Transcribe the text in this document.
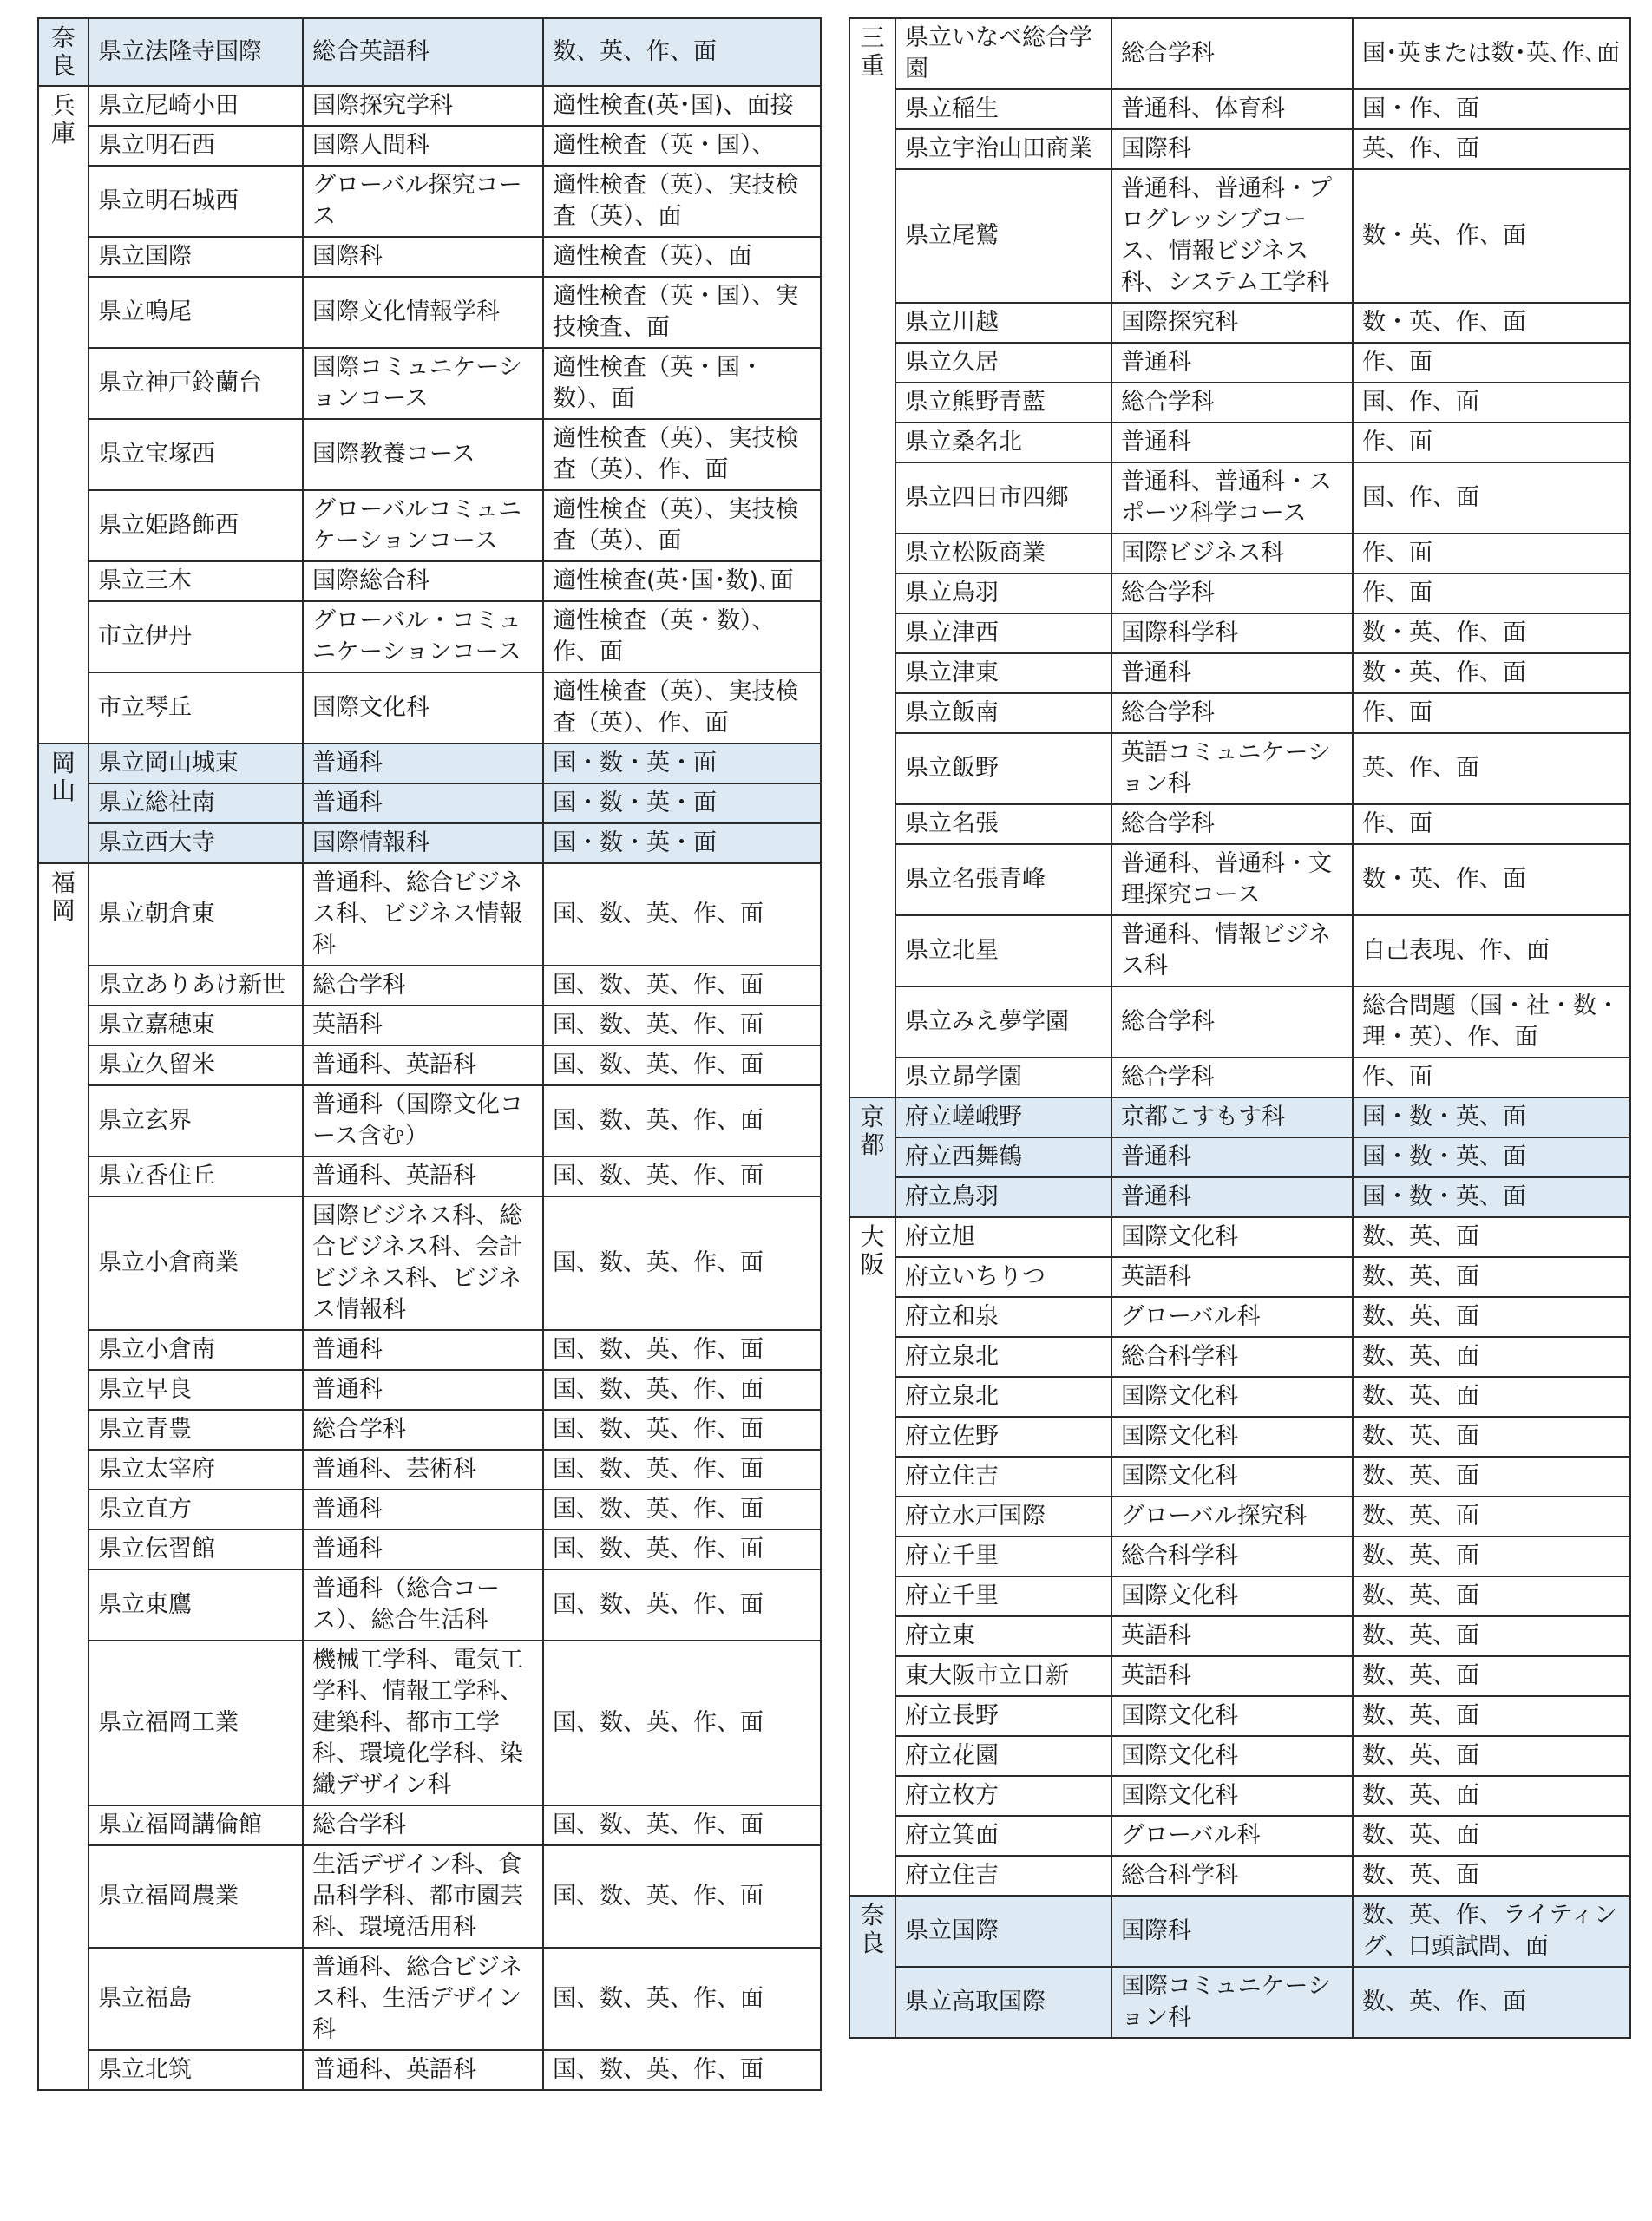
奈
良	県立法隆寺国際	総合英語科	数、英、作、面
兵
庫	県立尼崎小田	国際探究学科	適性検査(英･国)、面接
	県立明石西	国際人間科	適性検査（英・国）、
	県立明石城西	グローバル探究コース	適性検査（英）、実技検査（英）、面
	県立国際	国際科	適性検査（英）、面
	県立鳴尾	国際文化情報学科	適性検査（英・国）、実技検査、面
	県立神戸鈴蘭台	国際コミュニケーションコース	適性検査（英・国・数）、面
	県立宝塚西	国際教養コース	適性検査（英）、実技検査（英）、作、面
	県立姫路飾西	グローバルコミュニケーションコース	適性検査（英）、実技検査（英）、面
	県立三木	国際総合科	適性検査(英･国･数)､面
	市立伊丹	グローバル・コミュニケーションコース	適性検査（英・数）、作、面
	市立琴丘	国際文化科	適性検査（英）、実技検査（英）、作、面
岡
山	県立岡山城東	普通科	国・数・英・面
	県立総社南	普通科	国・数・英・面
	県立西大寺	国際情報科	国・数・英・面
福
岡	県立朝倉東	普通科、総合ビジネス科、ビジネス情報科	国、数、英、作、面
	県立ありあけ新世	総合学科	国、数、英、作、面
	県立嘉穂東	英語科	国、数、英、作、面
	県立久留米	普通科、英語科	国、数、英、作、面
	県立玄界	普通科（国際文化コース含む）	国、数、英、作、面
	県立香住丘	普通科、英語科	国、数、英、作、面
	県立小倉商業	国際ビジネス科、総合ビジネス科、会計ビジネス科、ビジネス情報科	国、数、英、作、面
	県立小倉南	普通科	国、数、英、作、面
	県立早良	普通科	国、数、英、作、面
	県立青豊	総合学科	国、数、英、作、面
	県立太宰府	普通科、芸術科	国、数、英、作、面
	県立直方	普通科	国、数、英、作、面
	県立伝習館	普通科	国、数、英、作、面
	県立東鷹	普通科（総合コース）、総合生活科	国、数、英、作、面
	県立福岡工業	機械工学科、電気工学科、情報工学科、建築科、都市工学科、環境化学科、染織デザイン科	国、数、英、作、面
	県立福岡講倫館	総合学科	国、数、英、作、面
	県立福岡農業	生活デザイン科、食品科学科、都市園芸科、環境活用科	国、数、英、作、面
	県立福島	普通科、総合ビジネス科、生活デザイン科	国、数、英、作、面
	県立北筑	普通科、英語科	国、数、英、作、面
三
重	県立いなべ総合学園	総合学科	国･英または数･英､作､面
	県立稲生	普通科、体育科	国・作、面
	県立宇治山田商業	国際科	英、作、面
	県立尾鷲	普通科、普通科・プログレッシブコース、情報ビジネス科、システム工学科	数・英、作、面
	県立川越	国際探究科	数・英、作、面
	県立久居	普通科	作、面
	県立熊野青藍	総合学科	国、作、面
	県立桑名北	普通科	作、面
	県立四日市四郷	普通科、普通科・スポーツ科学コース	国、作、面
	県立松阪商業	国際ビジネス科	作、面
	県立鳥羽	総合学科	作、面
	県立津西	国際科学科	数・英、作、面
	県立津東	普通科	数・英、作、面
	県立飯南	総合学科	作、面
	県立飯野	英語コミュニケーション科	英、作、面
	県立名張	総合学科	作、面
	県立名張青峰	普通科、普通科・文理探究コース	数・英、作、面
	県立北星	普通科、情報ビジネス科	自己表現、作、面
	県立みえ夢学園	総合学科	総合問題（国・社・数・理・英）、作、面
	県立昴学園	総合学科	作、面
京
都	府立嵯峨野	京都こすもす科	国・数・英、面
	府立西舞鶴	普通科	国・数・英、面
	府立鳥羽	普通科	国・数・英、面
大
阪	府立旭	国際文化科	数、英、面
	府立いちりつ	英語科	数、英、面
	府立和泉	グローバル科	数、英、面
	府立泉北	総合科学科	数、英、面
	府立泉北	国際文化科	数、英、面
	府立佐野	国際文化科	数、英、面
	府立住吉	国際文化科	数、英、面
	府立水戸国際	グローバル探究科	数、英、面
	府立千里	総合科学科	数、英、面
	府立千里	国際文化科	数、英、面
	府立東	英語科	数、英、面
	東大阪市立日新	英語科	数、英、面
	府立長野	国際文化科	数、英、面
	府立花園	国際文化科	数、英、面
	府立枚方	国際文化科	数、英、面
	府立箕面	グローバル科	数、英、面
	府立住吉	総合科学科	数、英、面
奈
良	県立国際	国際科	数、英、作、ライティング、口頭試問、面
	県立高取国際	国際コミュニケーション科	数、英、作、面
